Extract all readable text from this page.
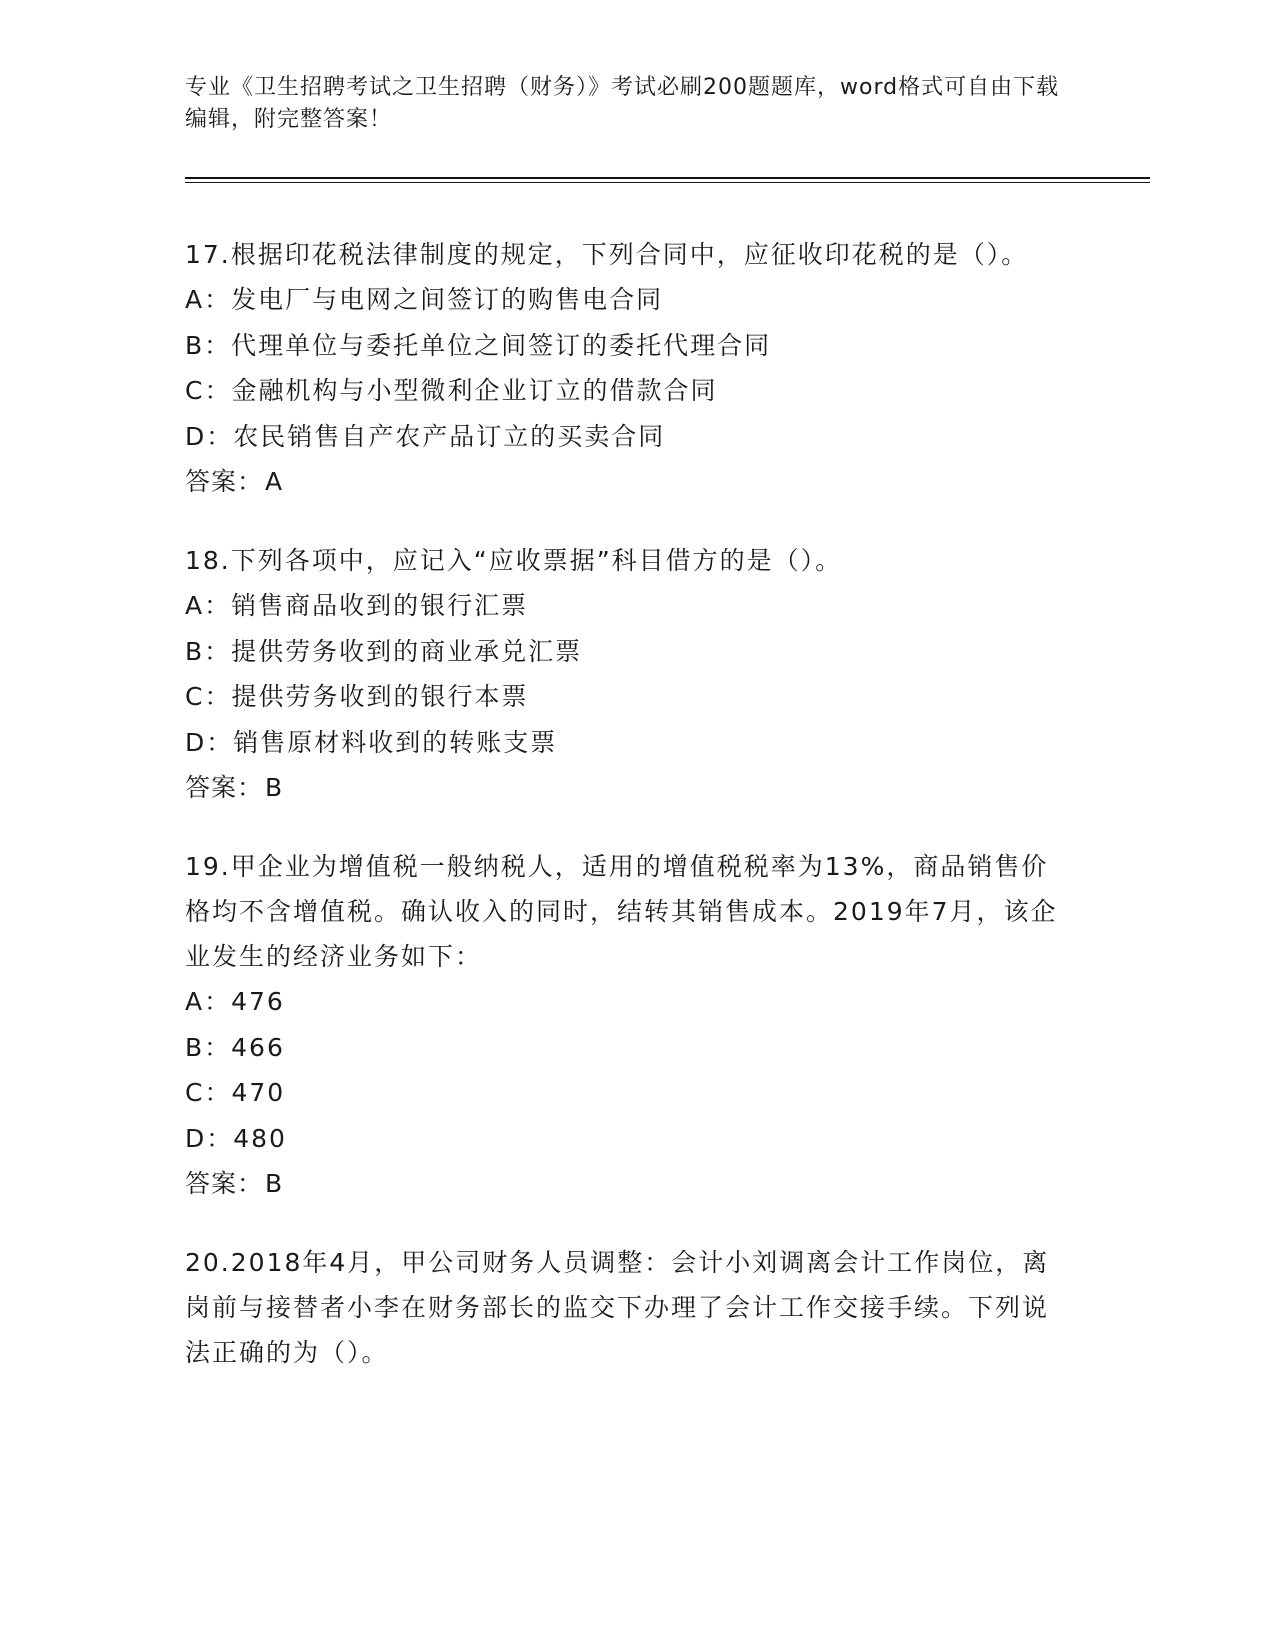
专业《卫生招聘考试之卫生招聘（财务）》考试必刷200题题库，word格式可自由下载编辑，附完整答案！

17.根据印花税法律制度的规定，下列合同中，应征收印花税的是（）。

A：发电厂与电网之间签订的购售电合同

B：代理单位与委托单位之间签订的委托代理合同

C：金融机构与小型微利企业订立的借款合同

D：农民销售自产农产品订立的买卖合同

答案：A

18.下列各项中，应记入“应收票据”科目借方的是（）。

A：销售商品收到的银行汇票

B：提供劳务收到的商业承兑汇票

C：提供劳务收到的银行本票

D：销售原材料收到的转账支票

答案：B

19.甲企业为增值税一般纳税人，适用的增值税税率为13%，商品销售价格均不含增值税。确认收入的同时，结转其销售成本。2019年7月，该企业发生的经济业务如下：

A：476

B：466

C：470

D：480

答案：B

20.2018年4月，甲公司财务人员调整：会计小刘调离会计工作岗位，离岗前与接替者小李在财务部长的监交下办理了会计工作交接手续。下列说法正确的为（）。
